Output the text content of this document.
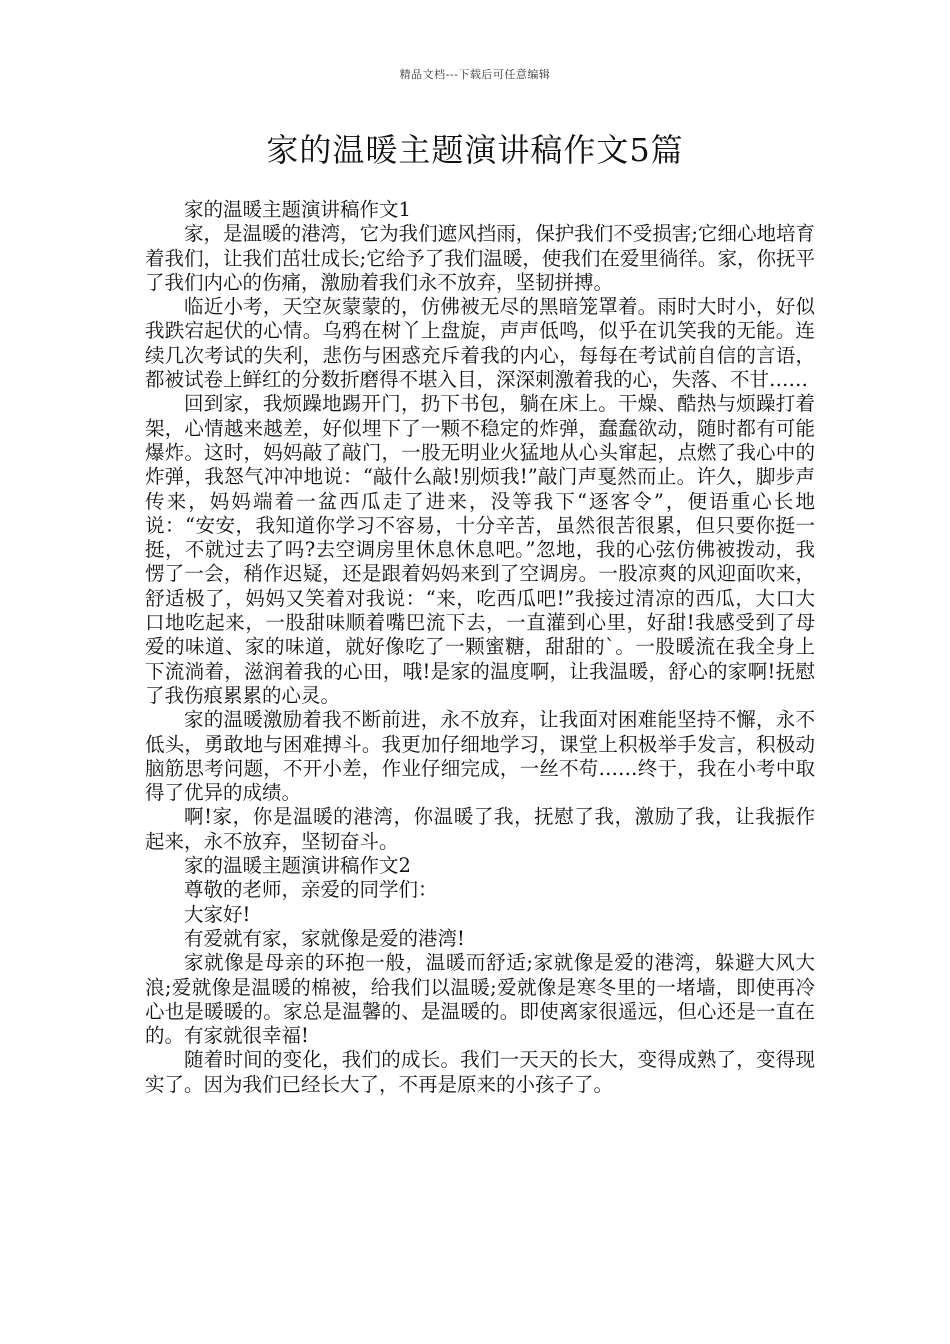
精品文档---下载后可任意编辑
家的温暖主题演讲稿作文5篇

家的温暖主题演讲稿作文1

家，是温暖的港湾，它为我们遮风挡雨，保护我们不受损害;它细心地培育着我们，让我们茁壮成长;它给予了我们温暖，使我们在爱里徜徉。家，你抚平了我们内心的伤痛，激励着我们永不放弃，坚韧拼搏。

临近小考，天空灰蒙蒙的，仿佛被无尽的黑暗笼罩着。雨时大时小，好似我跌宕起伏的心情。乌鸦在树丫上盘旋，声声低鸣，似乎在讥笑我的无能。连续几次考试的失利，悲伤与困惑充斥着我的内心，每每在考试前自信的言语，都被试卷上鲜红的分数折磨得不堪入目，深深刺激着我的心，失落、不甘……

回到家，我烦躁地踢开门，扔下书包，躺在床上。干燥、酷热与烦躁打着架，心情越来越差，好似埋下了一颗不稳定的炸弹，蠢蠢欲动，随时都有可能爆炸。这时，妈妈敲了敲门，一股无明业火猛地从心头窜起，点燃了我心中的炸弹，我怒气冲冲地说：“敲什么敲!别烦我!”敲门声戛然而止。许久，脚步声传来，妈妈端着一盆西瓜走了进来，没等我下“逐客令”，便语重心长地说：“安安，我知道你学习不容易，十分辛苦，虽然很苦很累，但只要你挺一挺，不就过去了吗?去空调房里休息休息吧。”忽地，我的心弦仿佛被拨动，我愣了一会，稍作迟疑，还是跟着妈妈来到了空调房。一股凉爽的风迎面吹来，舒适极了，妈妈又笑着对我说：“来，吃西瓜吧!”我接过清凉的西瓜，大口大口地吃起来，一股甜味顺着嘴巴流下去，一直灌到心里，好甜!我感受到了母爱的味道、家的味道，就好像吃了一颗蜜糖，甜甜的`。一股暖流在我全身上下流淌着，滋润着我的心田，哦!是家的温度啊，让我温暖，舒心的家啊!抚慰了我伤痕累累的心灵。

家的温暖激励着我不断前进，永不放弃，让我面对困难能坚持不懈，永不低头，勇敢地与困难搏斗。我更加仔细地学习，课堂上积极举手发言，积极动脑筋思考问题，不开小差，作业仔细完成，一丝不苟……终于，我在小考中取得了优异的成绩。

啊!家，你是温暖的港湾，你温暖了我，抚慰了我，激励了我，让我振作起来，永不放弃，坚韧奋斗。

家的温暖主题演讲稿作文2

尊敬的老师，亲爱的同学们：

大家好!

有爱就有家，家就像是爱的港湾!

家就像是母亲的环抱一般，温暖而舒适;家就像是爱的港湾，躲避大风大浪;爱就像是温暖的棉被，给我们以温暖;爱就像是寒冬里的一堵墙，即使再冷心也是暖暖的。家总是温馨的、是温暖的。即使离家很遥远，但心还是一直在的。有家就很幸福!

随着时间的变化，我们的成长。我们一天天的长大，变得成熟了，变得现实了。因为我们已经长大了，不再是原来的小孩子了。
